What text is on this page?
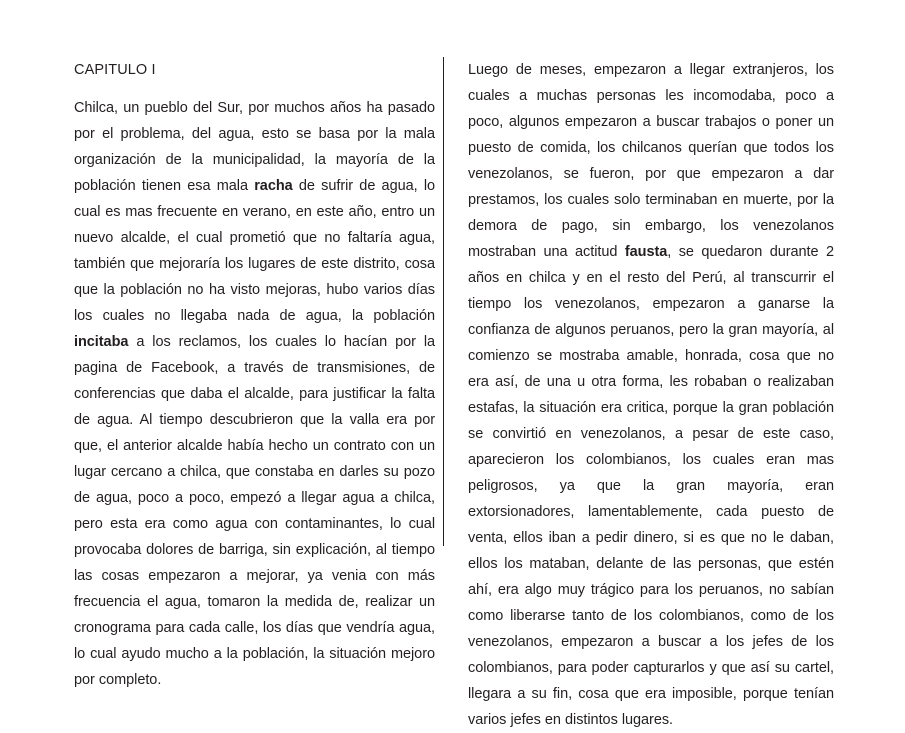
CAPITULO I

Chilca, un pueblo del Sur, por muchos años ha pasado por el problema, del agua, esto se basa por la mala organización de la municipalidad, la mayoría de la población tienen esa mala racha de sufrir de agua, lo cual es mas frecuente en verano, en este año, entro un nuevo alcalde, el cual prometió que no faltaría agua, también que mejoraría los lugares de este distrito, cosa que la población no ha visto mejoras, hubo varios días los cuales no llegaba nada de agua, la población incitaba a los reclamos, los cuales lo hacían por la pagina de Facebook, a través de transmisiones, de conferencias que daba el alcalde, para justificar la falta de agua. Al tiempo descubrieron que la valla era por que, el anterior alcalde había hecho un contrato con un lugar cercano a chilca, que constaba en darles su pozo de agua, poco a poco, empezó a llegar agua a chilca, pero esta era como agua con contaminantes, lo cual provocaba dolores de barriga, sin explicación, al tiempo las cosas empezaron a mejorar, ya venia con más frecuencia el agua, tomaron la medida de, realizar un cronograma para cada calle, los días que vendría agua, lo cual ayudo mucho a la población, la situación mejoro por completo.

Luego de meses, empezaron a llegar extranjeros, los cuales a muchas personas les incomodaba, poco a poco, algunos empezaron a buscar trabajos o poner un puesto de comida, los chilcanos querían que todos los venezolanos, se fueron, por que empezaron a dar prestamos, los cuales solo terminaban en muerte, por la demora de pago, sin embargo, los venezolanos mostraban una actitud fausta, se quedaron durante 2 años en chilca y en el resto del Perú, al transcurrir el tiempo los venezolanos, empezaron a ganarse la confianza de algunos peruanos, pero la gran mayoría, al comienzo se mostraba amable, honrada, cosa que no era así, de una u otra forma, les robaban o realizaban estafas, la situación era critica, porque la gran población se convirtió en venezolanos, a pesar de este caso, aparecieron los colombianos, los cuales eran mas peligrosos, ya que la gran mayoría, eran extorsionadores, lamentablemente, cada puesto de venta, ellos iban a pedir dinero, si es que no le daban, ellos los mataban, delante de las personas, que estén ahí, era algo muy trágico para los peruanos, no sabían como liberarse tanto de los colombianos, como de los venezolanos, empezaron a buscar a los jefes de los colombianos, para poder capturarlos y que así su cartel, llegara a su fin, cosa que era imposible, porque tenían varios jefes en distintos lugares.
